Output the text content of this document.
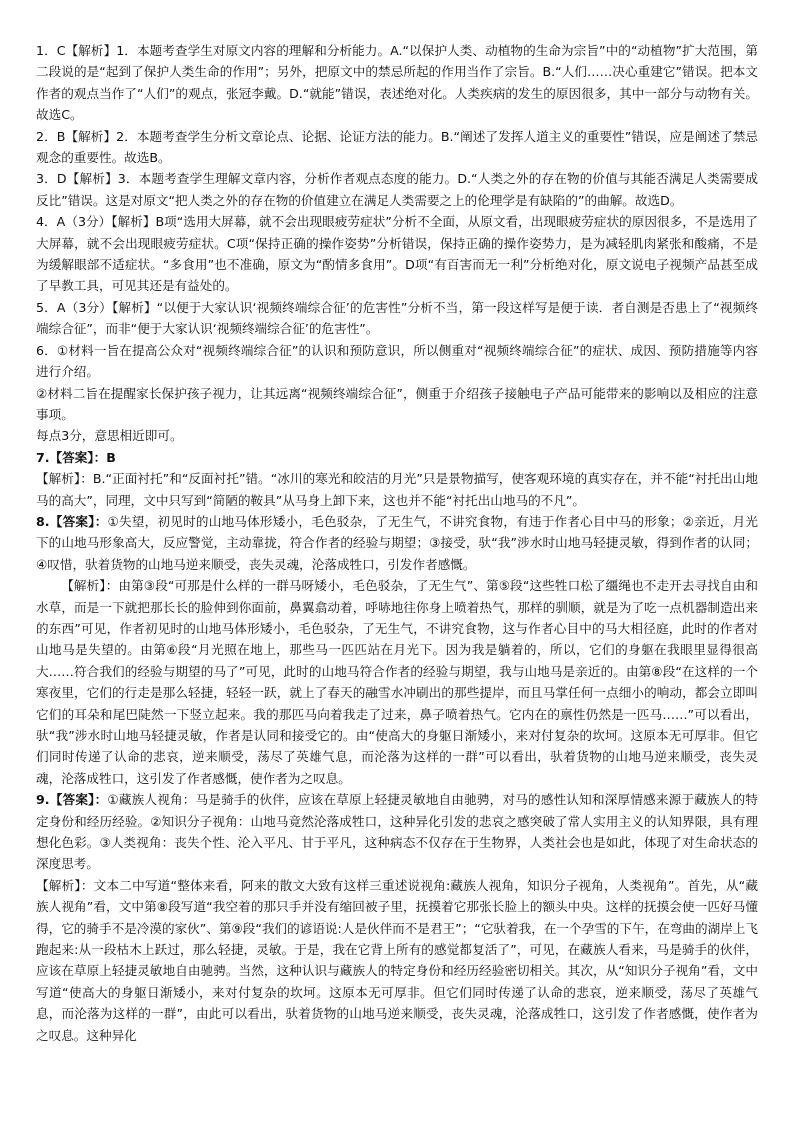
1．C【解析】1．本题考查学生对原文内容的理解和分析能力。A.“以保护人类、动植物的生命为宗旨”中的“动植物”扩大范围，第二段说的是“起到了保护人类生命的作用”；另外，把原文中的禁忌所起的作用当作了宗旨。B.“人们……决心重建它”错误。把本文作者的观点当作了“人们”的观点，张冠李戴。D.“就能”错误，表述绝对化。人类疾病的发生的原因很多，其中一部分与动物有关。故选C。

2．B【解析】2．本题考查学生分析文章论点、论据、论证方法的能力。B.“阐述了发挥人道主义的重要性”错误，应是阐述了禁忌观念的重要性。故选B。

3．D【解析】3．本题考查学生理解文章内容，分析作者观点态度的能力。D.“人类之外的存在物的价值与其能否满足人类需要成反比”错误。这是对原文“把人类之外的存在物的价值建立在满足人类需要之上的伦理学是有缺陷的”的曲解。故选D。

4．A（3分）【解析】B项“选用大屏幕，就不会出现眼疲劳症状”分析不全面，从原文看，出现眼疲劳症状的原因很多，不是选用了大屏幕，就不会出现眼疲劳症状。C项“保持正确的操作姿势”分析错误，保持正确的操作姿势力，是为减轻肌肉紧张和酸痛，不是为缓解眼部不适症状。“多食用”也不准确，原文为“酌情多食用”。D项“有百害而无一利”分析绝对化，原文说电子视频产品甚至成了早教工具，可见其还是有益处的。

5．A（3分）【解析】“以便于大家认识‘视频终端综合征’的危害性”分析不当，第一段这样写是便于读．者自测是否患上了“视频终端综合征”，而非“便于大家认识‘视频终端综合征’的危害性”。

6．①材料一旨在提高公众对“视频终端综合征”的认识和预防意识，所以侧重对“视频终端综合征”的症状、成因、预防措施等内容进行介绍。

②材料二旨在提醒家长保护孩子视力，让其远离“视频终端综合征”，侧重于介绍孩子接触电子产品可能带来的影响以及相应的注意事项。

每点3分，意思相近即可。

7.【答案】：B

【解析】：B.“正面衬托”和“反面衬托”错。“冰川的寒光和皎洁的月光”只是景物描写，使客观环境的真实存在，并不能“衬托出山地马的高大”，同理，文中只写到“简陋的鞍具”从马身上卸下来，这也并不能“衬托出山地马的不凡”。

8.【答案】：①失望，初见时的山地马体形矮小，毛色驳杂，了无生气，不讲究食物，有违于作者心目中马的形象；②亲近，月光下的山地马形象高大，反应警觉，主动靠拢，符合作者的经验与期望；③接受，驮“我”涉水时山地马轻捷灵敏，得到作者的认同；④叹惜，驮着货物的山地马逆来顺受，丧失灵魂，沦落成牲口，引发作者感慨。

【解析】：由第③段“可那是什么样的一群马呀矮小，毛色驳杂，了无生气”、第⑤段“这些牲口松了缰绳也不走开去寻找自由和水草，而是一下就把那长长的脸伸到你面前，鼻翼翕动着，呼哧地往你身上喷着热气，那样的驯顺，就是为了吃一点机器制造出来的东西”可见，作者初见时的山地马体形矮小，毛色驳杂，了无生气，不讲究食物，这与作者心目中的马大相径庭，此时的作者对山地马是失望的。由第⑥段“月光照在地上，那些马一匹匹站在月光下。因为我是躺着的，所以，它们的身躯在我眼里显得很高大……符合我们的经验与期望的马了”可见，此时的山地马符合作者的经验与期望，我与山地马是亲近的。由第⑧段“在这样的一个寒夜里，它们的行走是那么轻捷，轻轻一跃，就上了春天的融雪水冲刷出的那些提岸，而且马掌任何一点细小的响动，都会立即叫它们的耳朵和尾巴陡然一下竖立起来。我的那匹马向着我走了过来，鼻子喷着热气。它内在的禀性仍然是一匹马……”可以看出，驮“我”涉水时山地马轻捷灵敏，作者是认同和接受它的。由“使高大的身躯日渐矮小，来对付复杂的坎坷。这原本无可厚非。但它们同时传递了认命的悲哀，逆来顺受，荡尽了英雄气息，而沦落为这样的一群”可以看出，驮着货物的山地马逆来顺受，丧失灵魂，沦落成牲口，这引发了作者感慨，使作者为之叹息。

9.【答案】：①藏族人视角：马是骑手的伙伴，应该在草原上轻捷灵敏地自由驰骋，对马的感性认知和深厚情感来源于藏族人的特定身份和经历经验。②知识分子视角：山地马竟然沦落成牲口，这种异化引发的悲哀之感突破了常人实用主义的认知界限，具有理想化色彩。③人类视角：丧失个性、沦入平凡、甘于平凡，这种病态不仅存在于生物界，人类社会也是如此，体现了对生命状态的深度思考。

【解析】：文本二中写道“整体来看，阿来的散文大致有这样三重述说视角:藏族人视角，知识分子视角，人类视角”。首先，从“藏族人视角”看，文中第⑧段写道“我空着的那只手并没有缩回被子里，抚摸着它那张长脸上的额头中央。这样的抚摸会使一匹好马懂得，它的骑手不是冷漠的家伙”、第⑨段“我们的谚语说:人是伙伴而不是君王”；“它驮着我，在一个孕雪的下午，在弯曲的湖岸上飞跑起来:从一段枯木上跃过，那么轻捷，灵敏。于是，我在它背上所有的感觉都复活了”，可见，在藏族人看来，马是骑手的伙伴，应该在草原上轻捷灵敏地自由驰骋。当然，这种认识与藏族人的特定身份和经历经验密切相关。其次，从“知识分子视角”看，文中写道“使高大的身躯日渐矮小，来对付复杂的坎坷。这原本无可厚非。但它们同时传递了认命的悲哀，逆来顺受，荡尽了英雄气息，而沦落为这样的一群”，由此可以看出，驮着货物的山地马逆来顺受，丧失灵魂，沦落成牲口，这引发了作者感慨，使作者为之叹息。这种异化
